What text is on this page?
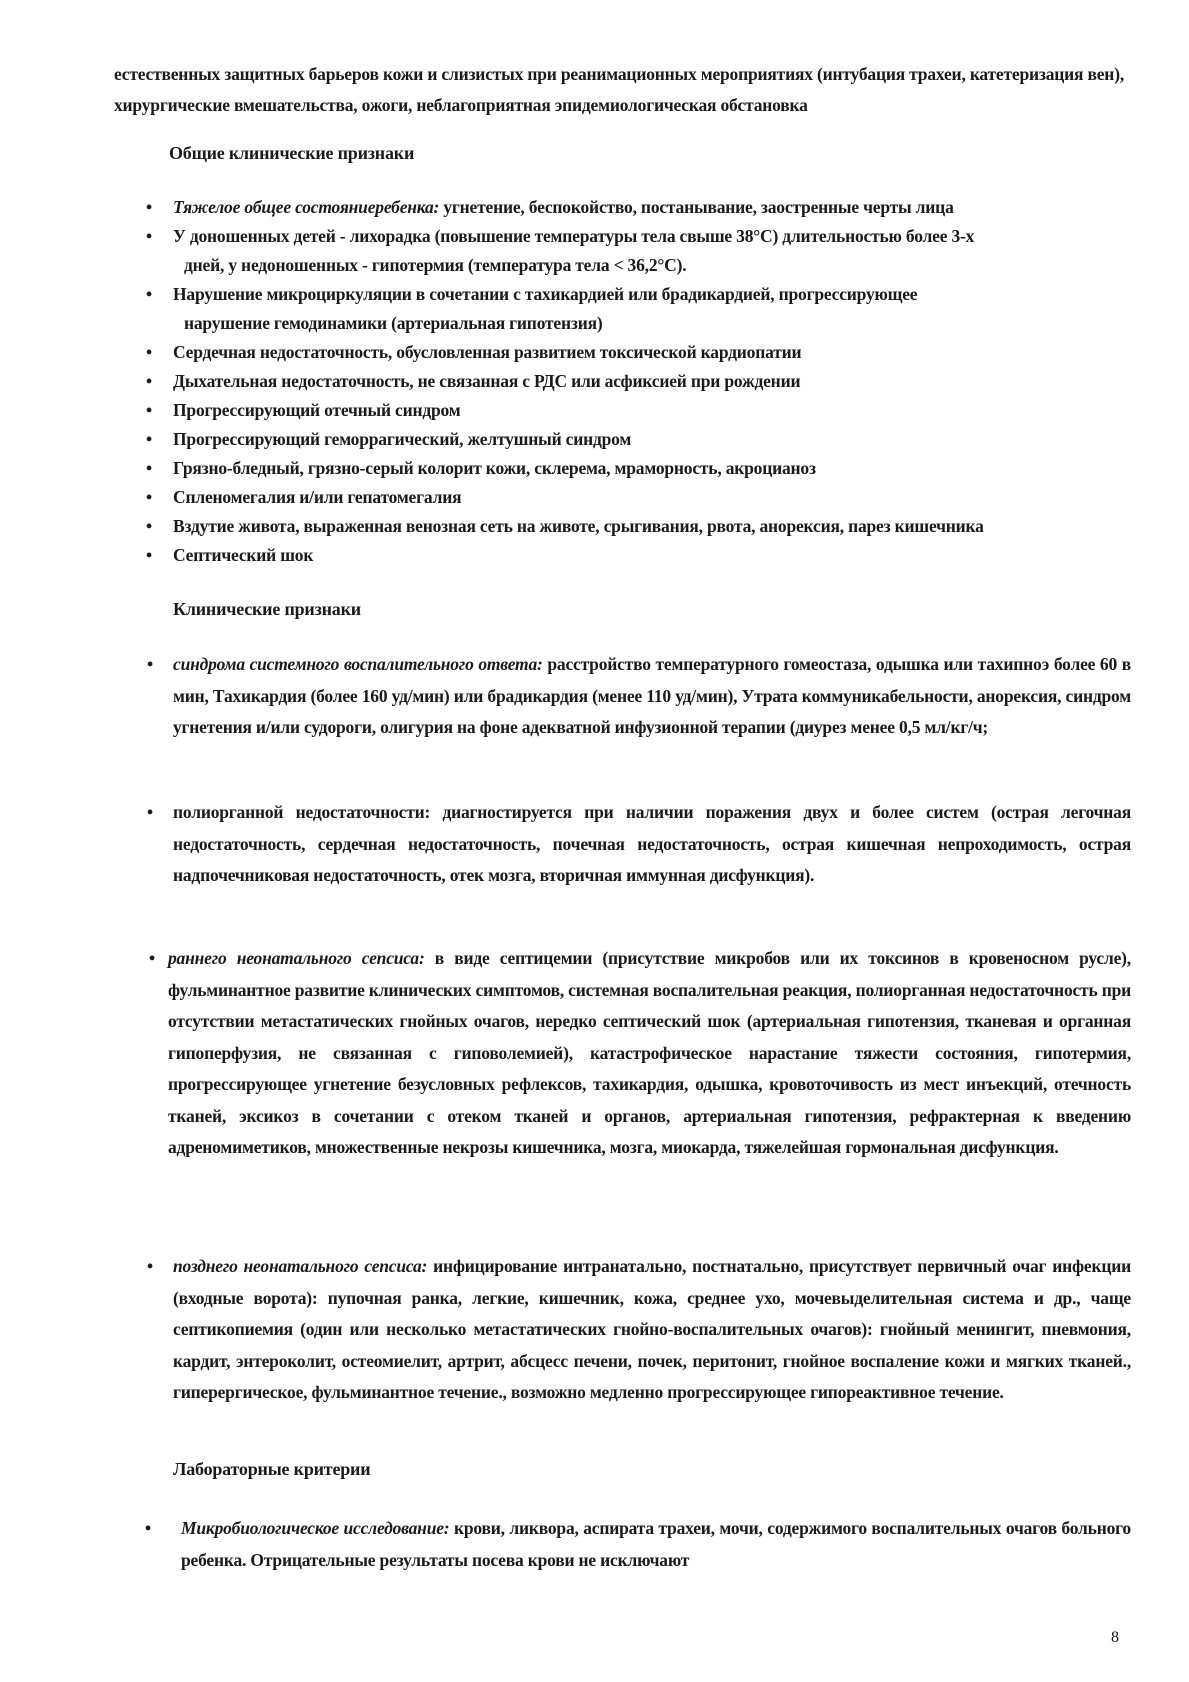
естественных защитных барьеров кожи и слизистых при реанимационных мероприятиях (интубация трахеи, катетеризация вен), хирургические вмешательства, ожоги, неблагоприятная эпидемиологическая обстановка
Общие клинические признаки
• Тяжелое общее состояниеребенка: угнетение, беспокойство, постанывание, заостренные черты лица
• У доношенных детей - лихорадка (повышение температуры тела свыше 38°С) длительностью более 3-х
дней, у недоношенных - гипотермия (температура тела < 36,2°С).
• Нарушение микроциркуляции в сочетании с тахикардией или брадикардией, прогрессирующее
нарушение гемодинамики (артериальная гипотензия)
• Сердечная недостаточность, обусловленная развитием токсической кардиопатии
• Дыхательная недостаточность, не связанная с РДС или асфиксией при рождении
• Прогрессирующий отечный синдром
• Прогрессирующий геморрагический, желтушный синдром
• Грязно-бледный, грязно-серый колорит кожи, склерема, мраморность, акроцианоз
• Спленомегалия и/или гепатомегалия
• Вздутие живота, выраженная венозная сеть на животе, срыгивания, рвота, анорексия, парез кишечника
• Септический шок
Клинические признаки
• синдрома системного воспалительного ответа: расстройство температурного гомеостаза, одышка или тахипноэ более 60 в мин, Тахикардия (более 160 уд/мин) или брадикардия (менее 110 уд/мин), Утрата коммуникабельности, анорексия, синдром угнетения и/или судороги, олигурия на фоне адекватной инфузионной терапии (диурез менее 0,5 мл/кг/ч;

• полиорганной недостаточности: диагностируется при наличии поражения двух и более систем (острая легочная недостаточность, сердечная недостаточность, почечная недостаточность, острая кишечная непроходимость, острая надпочечниковая недостаточность, отек мозга, вторичная иммунная дисфункция).

• раннего неонатального сепсиса: в виде септицемии (присутствие микробов или их токсинов в кровеносном русле), фульминантное развитие клинических симптомов, системная воспалительная реакция, полиорганная недостаточность при отсутствии метастатических гнойных очагов, нередко септический шок (артериальная гипотензия, тканевая и органная гипоперфузия, не связанная с гиповолемией), катастрофическое нарастание тяжести состояния, гипотермия, прогрессирующее угнетение безусловных рефлексов, тахикардия, одышка, кровоточивость из мест инъекций, отечность тканей, эксикоз в сочетании с отеком тканей и органов, артериальная гипотензия, рефрактерная к введению адреномиметиков, множественные некрозы кишечника, мозга, миокарда, тяжелейшая гормональная дисфункция.

• позднего неонатального сепсиса: инфицирование интранатально, постнатально, присутствует первичный очаг инфекции (входные ворота): пупочная ранка, легкие, кишечник, кожа, среднее ухо, мочевыделительная система и др., чаще септикопиемия (один или несколько метастатических гнойно-воспалительных очагов): гнойный менингит, пневмония, кардит, энтероколит, остеомиелит, артрит, абсцесс печени, почек, перитонит, гнойное воспаление кожи и мягких тканей., гиперергическое, фульминантное течение., возможно медленно прогрессирующее гипореактивное течение.

Лабораторные критерии
• Микробиологическое исследование: крови, ликвора, аспирата трахеи, мочи, содержимого воспалительных очагов больного ребенка. Отрицательные результаты посева крови не исключают

8
